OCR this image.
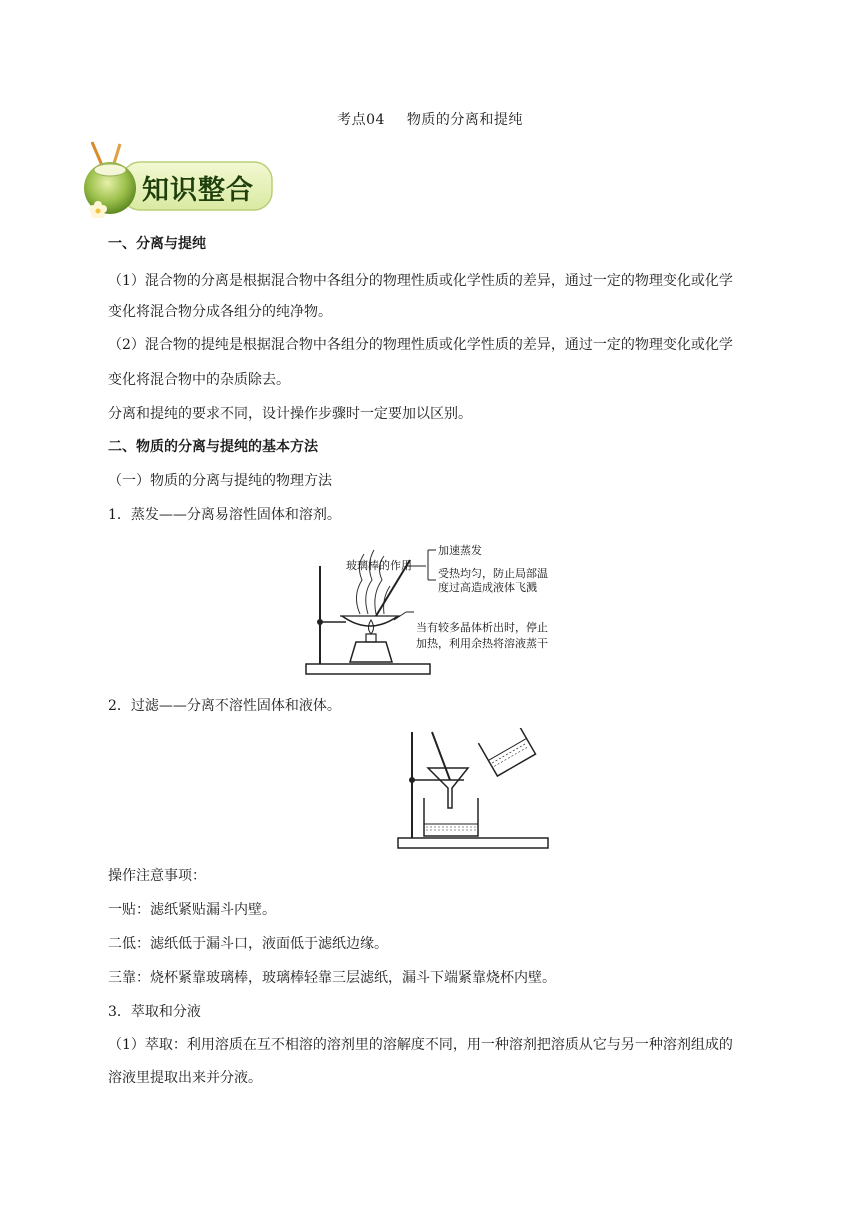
考点04 物质的分离和提纯
知识整合
一、分离与提纯
（1）混合物的分离是根据混合物中各组分的物理性质或化学性质的差异，通过一定的物理变化或化学
变化将混合物分成各组分的纯净物。
（2）混合物的提纯是根据混合物中各组分的物理性质或化学性质的差异，通过一定的物理变化或化学
变化将混合物中的杂质除去。
分离和提纯的要求不同，设计操作步骤时一定要加以区别。
二、物质的分离与提纯的基本方法
（一）物质的分离与提纯的物理方法
1．蒸发——分离易溶性固体和溶剂。
玻璃棒的作用
加速蒸发
受热均匀，防止局部温
度过高造成液体飞溅
当有较多晶体析出时，停止
加热，利用余热将溶液蒸干
2．过滤——分离不溶性固体和液体。
操作注意事项：
一贴：滤纸紧贴漏斗内壁。
二低：滤纸低于漏斗口，液面低于滤纸边缘。
三靠：烧杯紧靠玻璃棒，玻璃棒轻靠三层滤纸，漏斗下端紧靠烧杯内壁。
3．萃取和分液
（1）萃取：利用溶质在互不相溶的溶剂里的溶解度不同，用一种溶剂把溶质从它与另一种溶剂组成的
溶液里提取出来并分液。
